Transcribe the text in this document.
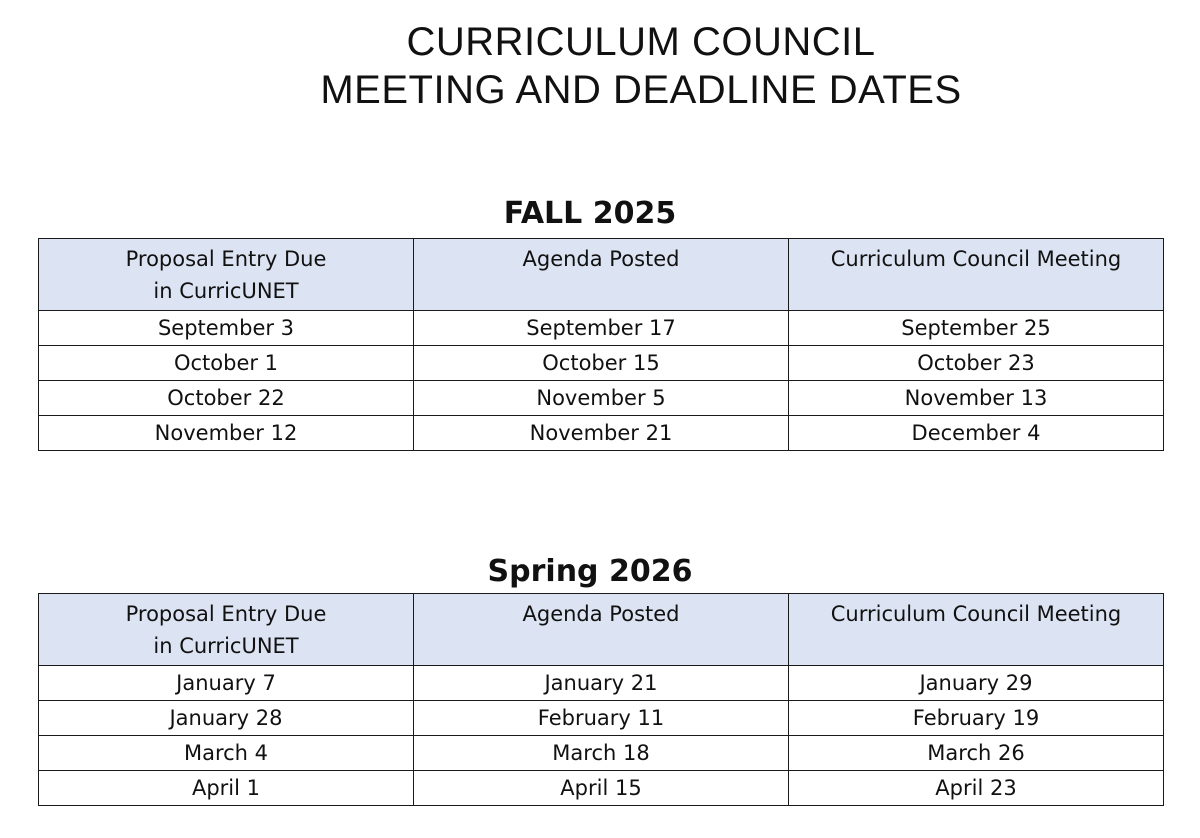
CURRICULUM COUNCIL
MEETING AND DEADLINE DATES
FALL 2025
Proposal Entry Due
in CurricUNET	Agenda Posted	Curriculum Council Meeting
September 3	September 17	September 25
October 1	October 15	October 23
October 22	November 5	November 13
November 12	November 21	December 4
Spring 2026
Proposal Entry Due
in CurricUNET	Agenda Posted	Curriculum Council Meeting
January 7	January 21	January 29
January 28	February 11	February 19
March 4	March 18	March 26
April 1	April 15	April 23
